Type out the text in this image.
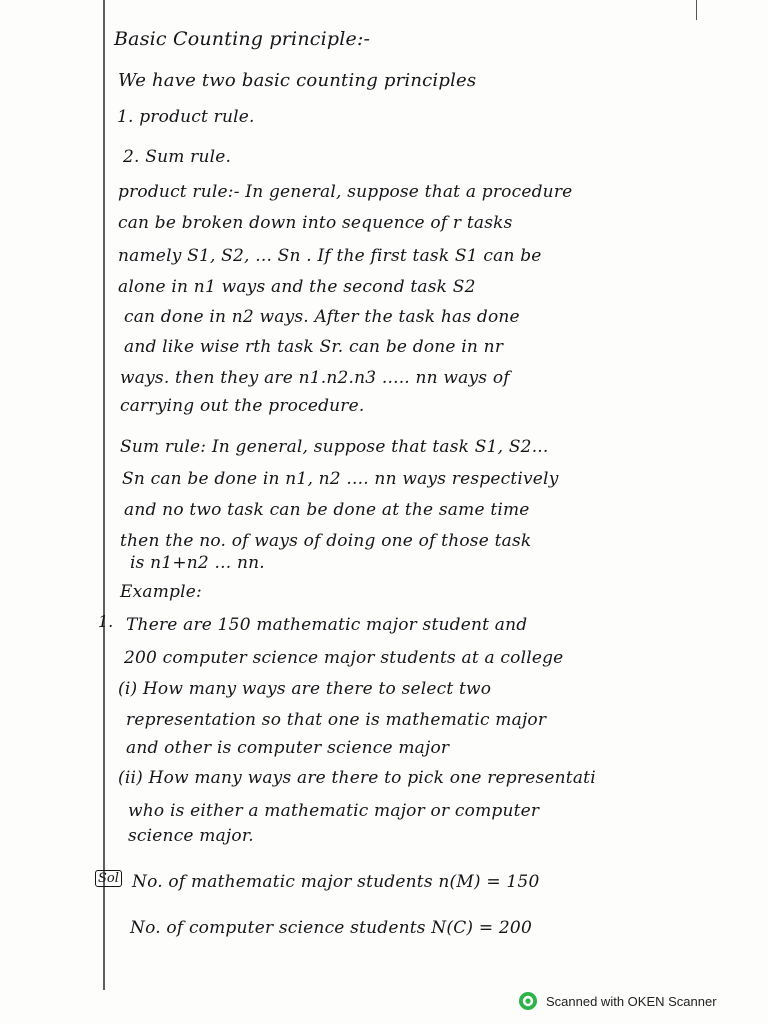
Basic Counting principle:-
We have two basic counting principles
1. product rule.
2. Sum rule.
product rule:- In general, suppose that a procedure
can be broken down into sequence of r tasks
namely S1, S2, ... Sn . If the first task S1 can be
alone in n1 ways and the second task S2
can done in n2 ways. After the task has done
and like wise rth task Sr. can be done in nr
ways. then they are n1.n2.n3 ..... nn ways of
carrying out the procedure.
Sum rule: In general, suppose that task S1, S2...
Sn can be done in n1, n2 .... nn ways respectively
and no two task can be done at the same time
then the no. of ways of doing one of those task
is n1+n2 ... nn.
Example:
1. There are 150 mathematic major student and
200 computer science major students at a college
(i) How many ways are there to select two
representation so that one is mathematic major
and other is computer science major
(ii) How many ways are there to pick one representati
who is either a mathematic major or computer
science major.
Sol No. of mathematic major students n(M) = 150
No. of computer science students N(C) = 200
Scanned with OKEN Scanner
